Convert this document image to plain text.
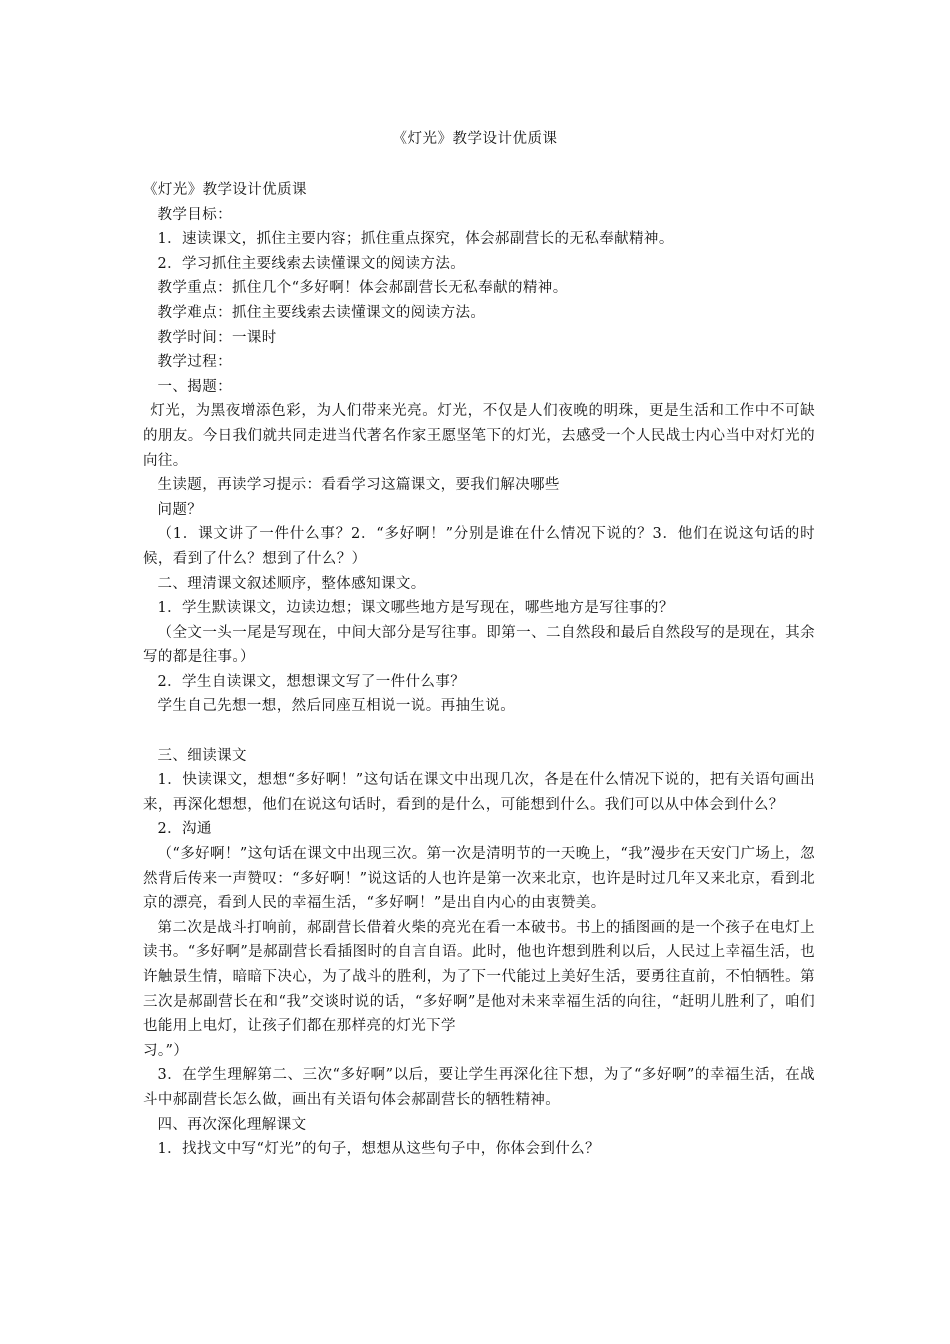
《灯光》教学设计优质课

《灯光》教学设计优质课

教学目标：

1．速读课文，抓住主要内容；抓住重点探究，体会郝副营长的无私奉献精神。

2．学习抓住主要线索去读懂课文的阅读方法。

教学重点：抓住几个“多好啊！体会郝副营长无私奉献的精神。

教学难点：抓住主要线索去读懂课文的阅读方法。

教学时间：一课时

教学过程：

一、揭题：

灯光，为黑夜增添色彩，为人们带来光亮。灯光，不仅是人们夜晚的明珠，更是生活和工作中不可缺的朋友。今日我们就共同走进当代著名作家王愿坚笔下的灯光，去感受一个人民战士内心当中对灯光的向往。

生读题，再读学习提示：看看学习这篇课文，要我们解决哪些

问题？

（1．课文讲了一件什么事？2．“多好啊！”分别是谁在什么情况下说的？3．他们在说这句话的时候，看到了什么？想到了什么？）

二、理清课文叙述顺序，整体感知课文。

1．学生默读课文，边读边想；课文哪些地方是写现在，哪些地方是写往事的？

（全文一头一尾是写现在，中间大部分是写往事。即第一、二自然段和最后自然段写的是现在，其余写的都是往事。）

2．学生自读课文，想想课文写了一件什么事？

学生自己先想一想，然后同座互相说一说。再抽生说。

三、细读课文

1．快读课文，想想“多好啊！”这句话在课文中出现几次，各是在什么情况下说的，把有关语句画出来，再深化想想，他们在说这句话时，看到的是什么，可能想到什么。我们可以从中体会到什么？

2．沟通

（“多好啊！”这句话在课文中出现三次。第一次是清明节的一天晚上，“我”漫步在天安门广场上，忽然背后传来一声赞叹：“多好啊！”说这话的人也许是第一次来北京，也许是时过几年又来北京，看到北京的漂亮，看到人民的幸福生活，“多好啊！”是出自内心的由衷赞美。

第二次是战斗打响前，郝副营长借着火柴的亮光在看一本破书。书上的插图画的是一个孩子在电灯上读书。“多好啊”是郝副营长看插图时的自言自语。此时，他也许想到胜利以后，人民过上幸福生活，也许触景生情，暗暗下决心，为了战斗的胜利，为了下一代能过上美好生活，要勇往直前，不怕牺牲。第三次是郝副营长在和“我”交谈时说的话，“多好啊”是他对未来幸福生活的向往，“赶明儿胜利了，咱们也能用上电灯，让孩子们都在那样亮的灯光下学

习。”）

3．在学生理解第二、三次“多好啊”以后，要让学生再深化往下想，为了“多好啊”的幸福生活，在战斗中郝副营长怎么做，画出有关语句体会郝副营长的牺牲精神。

四、再次深化理解课文

1．找找文中写“灯光”的句子，想想从这些句子中，你体会到什么？
